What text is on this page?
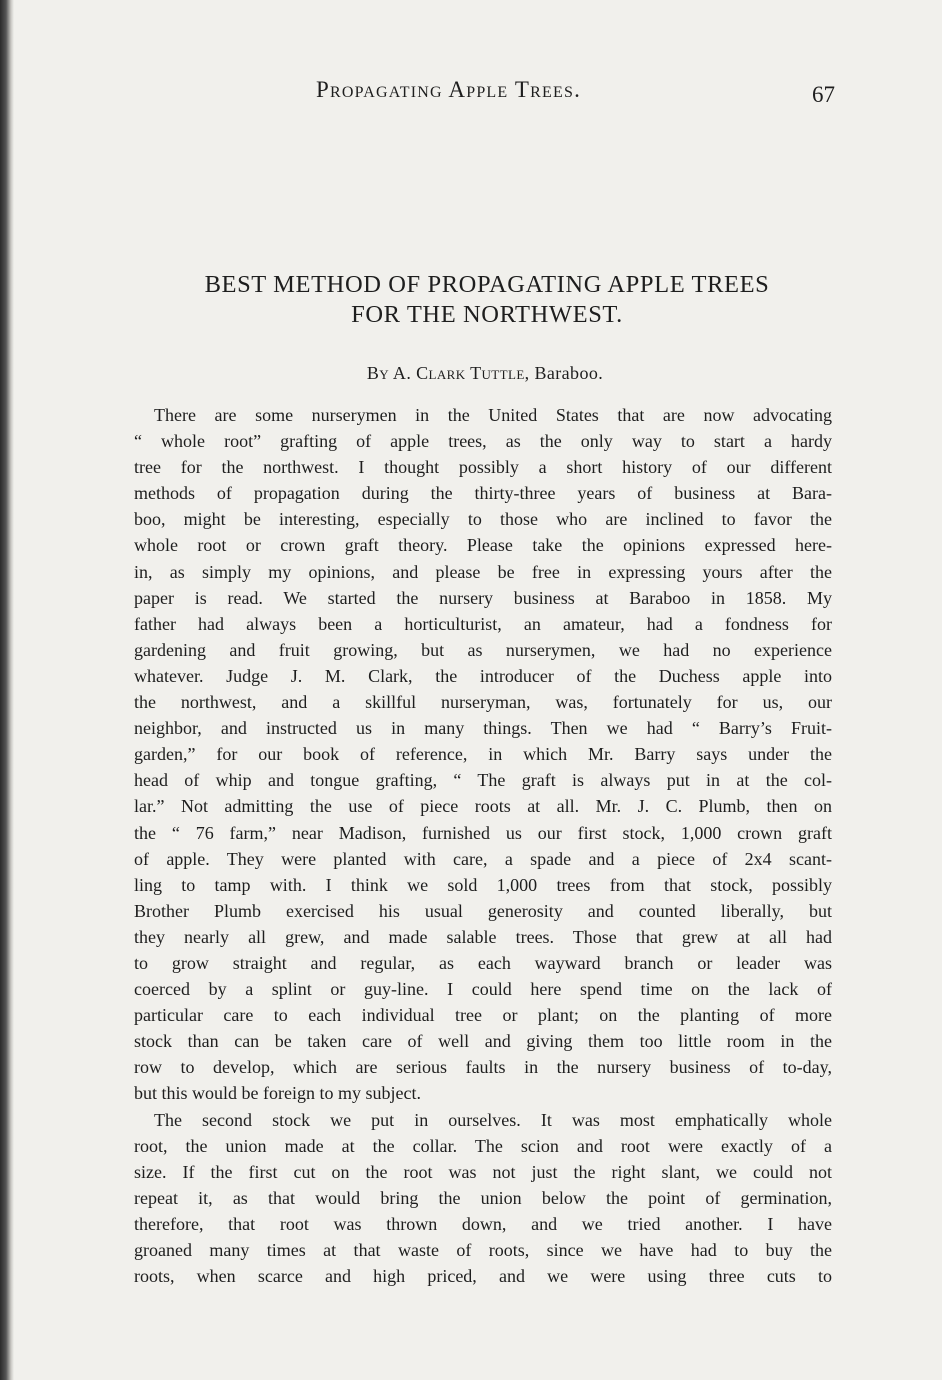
Propagating Apple Trees.	67
BEST METHOD OF PROPAGATING APPLE TREES
FOR THE NORTHWEST.
By A. Clark Tuttle, Baraboo.
There are some nurserymen in the United States that are now advocating
“ whole root” grafting of apple trees, as the only way to start a hardy
tree for the northwest. I thought possibly a short history of our different
methods of propagation during the thirty-three years of business at Bara-
boo, might be interesting, especially to those who are inclined to favor the
whole root or crown graft theory. Please take the opinions expressed here-
in, as simply my opinions, and please be free in expressing yours after the
paper is read. We started the nursery business at Baraboo in 1858. My
father had always been a horticulturist, an amateur, had a fondness for
gardening and fruit growing, but as nurserymen, we had no experience
whatever. Judge J. M. Clark, the introducer of the Duchess apple into
the northwest, and a skillful nurseryman, was, fortunately for us, our
neighbor, and instructed us in many things. Then we had “ Barry’s Fruit-
garden,” for our book of reference, in which Mr. Barry says under the
head of whip and tongue grafting, “ The graft is always put in at the col-
lar.” Not admitting the use of piece roots at all. Mr. J. C. Plumb, then on
the “ 76 farm,” near Madison, furnished us our first stock, 1,000 crown graft
of apple. They were planted with care, a spade and a piece of 2x4 scant-
ling to tamp with. I think we sold 1,000 trees from that stock, possibly
Brother Plumb exercised his usual generosity and counted liberally, but
they nearly all grew, and made salable trees. Those that grew at all had
to grow straight and regular, as each wayward branch or leader was
coerced by a splint or guy-line. I could here spend time on the lack of
particular care to each individual tree or plant; on the planting of more
stock than can be taken care of well and giving them too little room in the
row to develop, which are serious faults in the nursery business of to-day,
but this would be foreign to my subject.
The second stock we put in ourselves. It was most emphatically whole
root, the union made at the collar. The scion and root were exactly of a
size. If the first cut on the root was not just the right slant, we could not
repeat it, as that would bring the union below the point of germination,
therefore, that root was thrown down, and we tried another. I have
groaned many times at that waste of roots, since we have had to buy the
roots, when scarce and high priced, and we were using three cuts to
